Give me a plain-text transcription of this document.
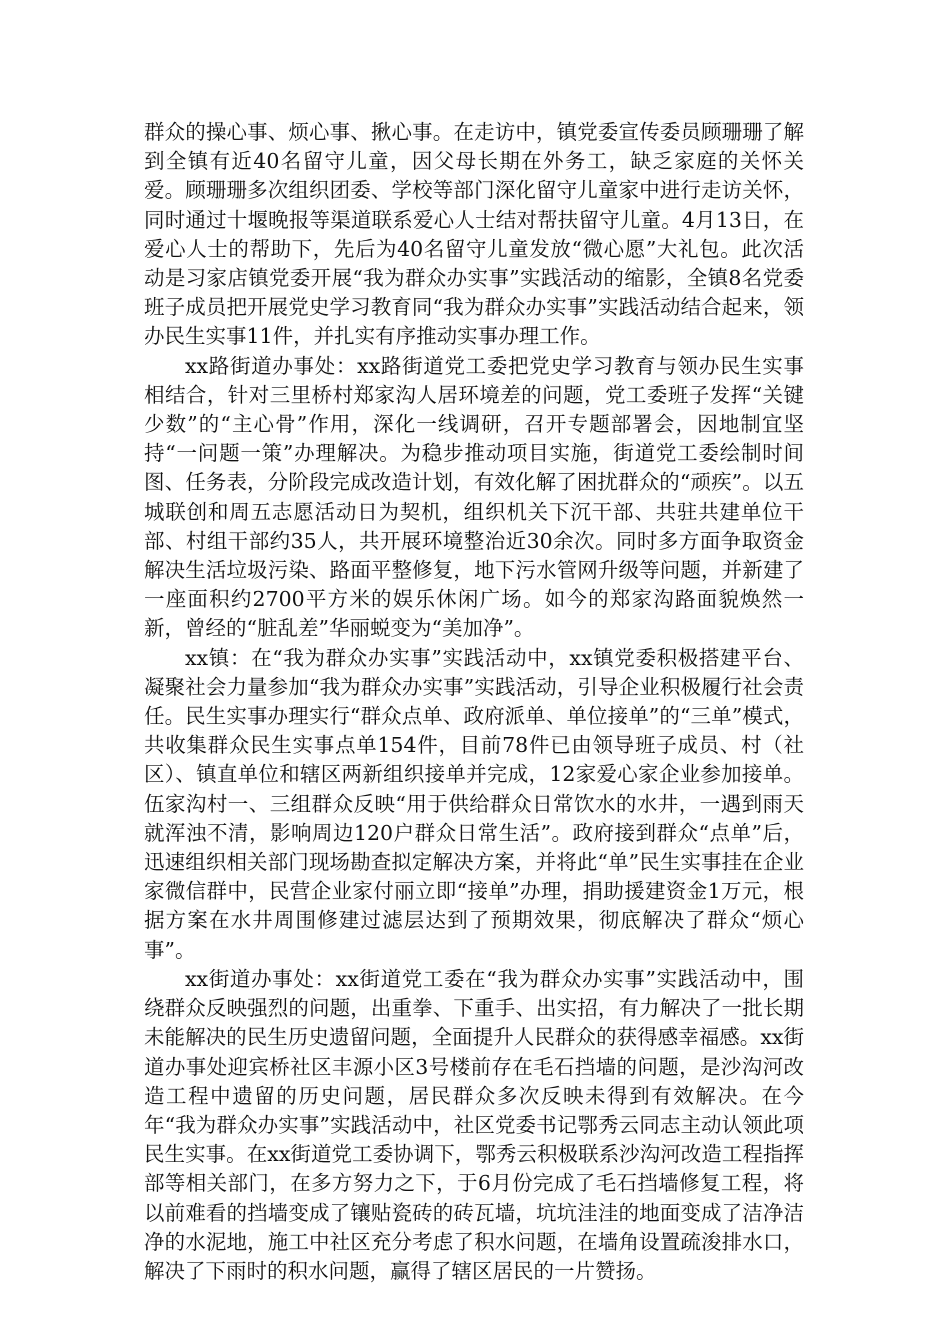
群众的操心事、烦心事、揪心事。在走访中，镇党委宣传委员顾珊珊了解到全镇有近40名留守儿童，因父母长期在外务工，缺乏家庭的关怀关爱。顾珊珊多次组织团委、学校等部门深化留守儿童家中进行走访关怀，同时通过十堰晚报等渠道联系爱心人士结对帮扶留守儿童。4月13日，在爱心人士的帮助下，先后为40名留守儿童发放“微心愿”大礼包。此次活动是习家店镇党委开展“我为群众办实事”实践活动的缩影，全镇8名党委班子成员把开展党史学习教育同“我为群众办实事”实践活动结合起来，领办民生实事11件，并扎实有序推动实事办理工作。

xx路街道办事处：xx路街道党工委把党史学习教育与领办民生实事相结合，针对三里桥村郑家沟人居环境差的问题，党工委班子发挥“关键少数”的“主心骨”作用，深化一线调研，召开专题部署会，因地制宜坚持“一问题一策”办理解决。为稳步推动项目实施，街道党工委绘制时间图、任务表，分阶段完成改造计划，有效化解了困扰群众的“顽疾”。以五城联创和周五志愿活动日为契机，组织机关下沉干部、共驻共建单位干部、村组干部约35人，共开展环境整治近30余次。同时多方面争取资金解决生活垃圾污染、路面平整修复，地下污水管网升级等问题，并新建了一座面积约2700平方米的娱乐休闲广场。如今的郑家沟路面貌焕然一新，曾经的“脏乱差”华丽蜕变为“美加净”。

xx镇：在“我为群众办实事”实践活动中，xx镇党委积极搭建平台、凝聚社会力量参加“我为群众办实事”实践活动，引导企业积极履行社会责任。民生实事办理实行“群众点单、政府派单、单位接单”的“三单”模式，共收集群众民生实事点单154件，目前78件已由领导班子成员、村（社区）、镇直单位和辖区两新组织接单并完成，12家爱心家企业参加接单。伍家沟村一、三组群众反映“用于供给群众日常饮水的水井，一遇到雨天就浑浊不清，影响周边120户群众日常生活”。政府接到群众“点单”后，迅速组织相关部门现场勘查拟定解决方案，并将此“单”民生实事挂在企业家微信群中，民营企业家付丽立即“接单”办理，捐助援建资金1万元，根据方案在水井周围修建过滤层达到了预期效果，彻底解决了群众“烦心事”。

xx街道办事处：xx街道党工委在“我为群众办实事”实践活动中，围绕群众反映强烈的问题，出重拳、下重手、出实招，有力解决了一批长期未能解决的民生历史遗留问题，全面提升人民群众的获得感幸福感。xx街道办事处迎宾桥社区丰源小区3号楼前存在毛石挡墙的问题，是沙沟河改造工程中遗留的历史问题，居民群众多次反映未得到有效解决。在今年“我为群众办实事”实践活动中，社区党委书记鄂秀云同志主动认领此项民生实事。在xx街道党工委协调下，鄂秀云积极联系沙沟河改造工程指挥部等相关部门，在多方努力之下，于6月份完成了毛石挡墙修复工程，将以前难看的挡墙变成了镶贴瓷砖的砖瓦墙，坑坑洼洼的地面变成了洁净洁净的水泥地，施工中社区充分考虑了积水问题，在墙角设置疏浚排水口，解决了下雨时的积水问题，赢得了辖区居民的一片赞扬。
